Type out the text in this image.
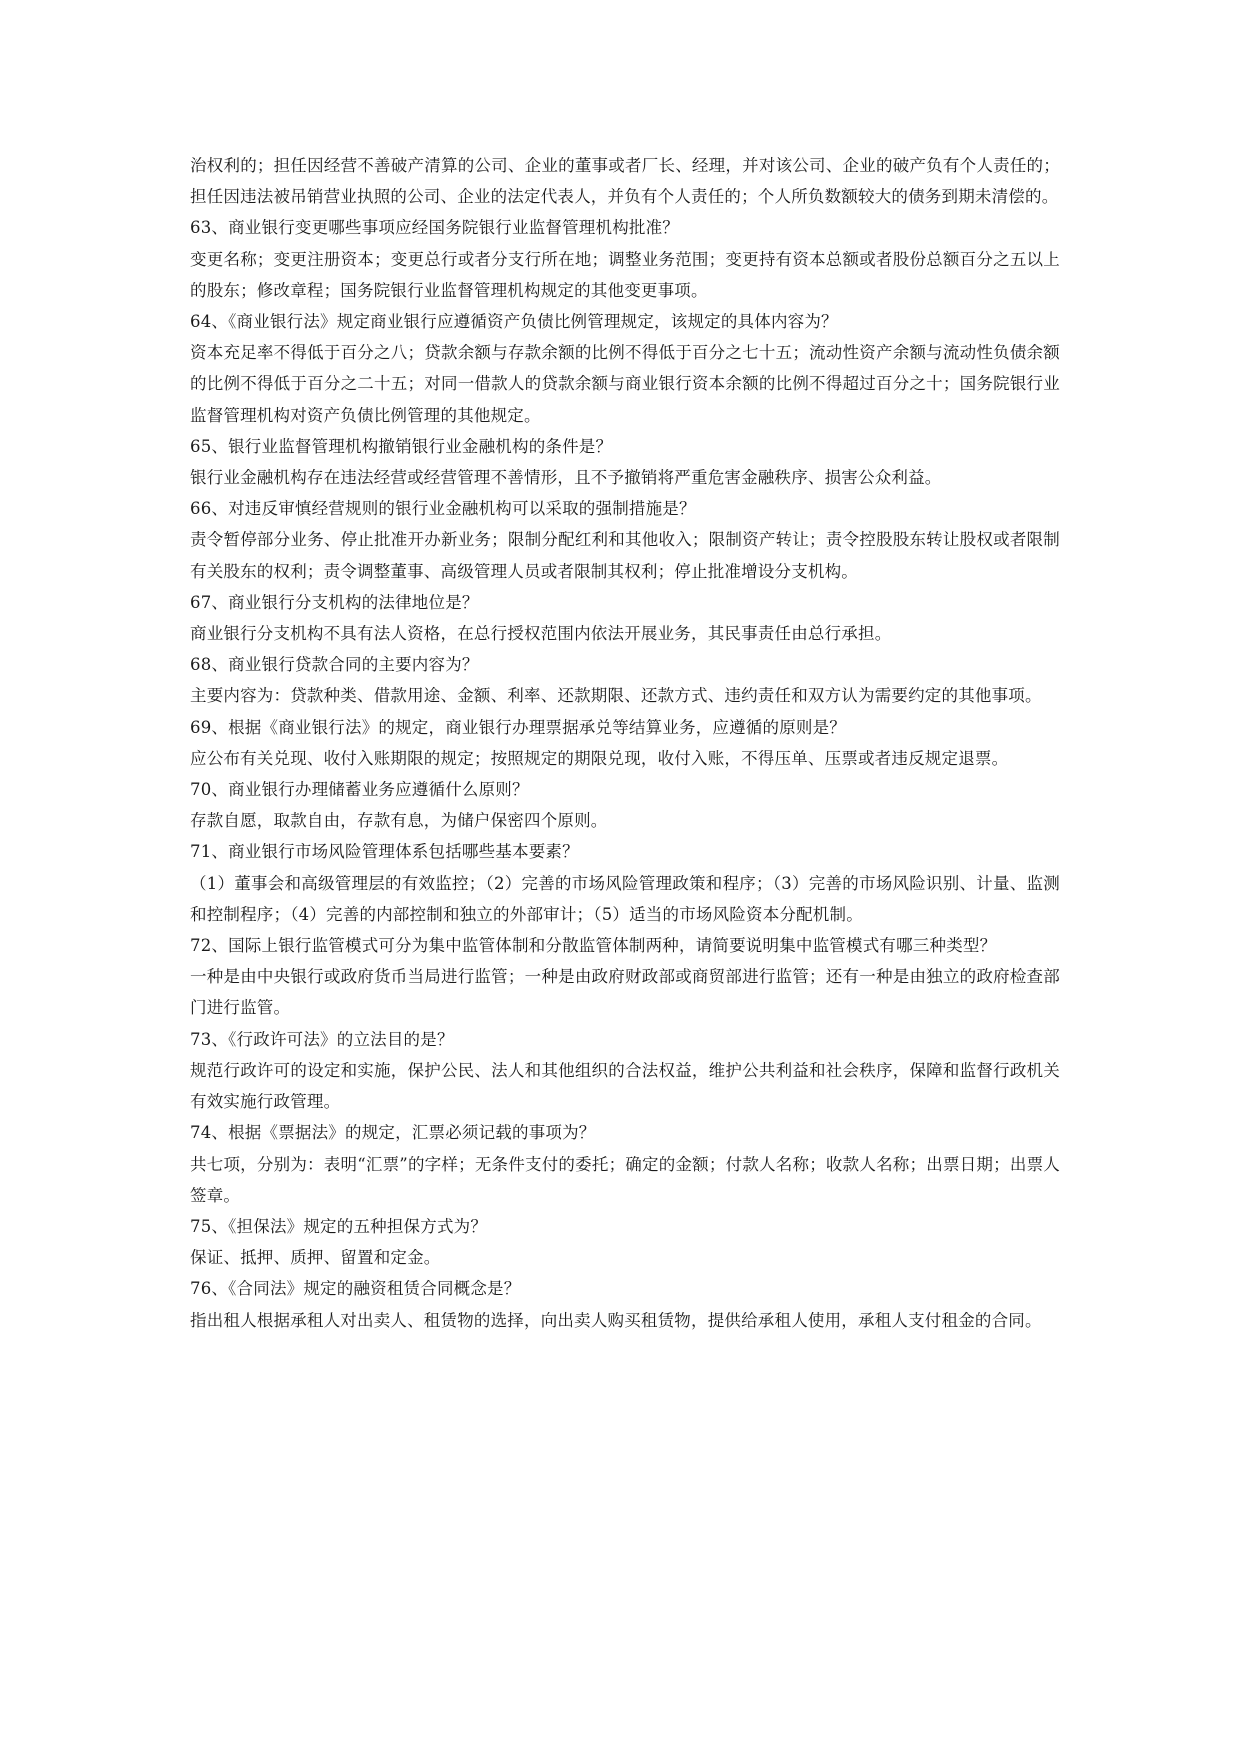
治权利的；担任因经营不善破产清算的公司、企业的董事或者厂长、经理，并对该公司、企业的破产负有个人责任的；担任因违法被吊销营业执照的公司、企业的法定代表人，并负有个人责任的；个人所负数额较大的债务到期未清偿的。

63、商业银行变更哪些事项应经国务院银行业监督管理机构批准？

变更名称；变更注册资本；变更总行或者分支行所在地；调整业务范围；变更持有资本总额或者股份总额百分之五以上的股东；修改章程；国务院银行业监督管理机构规定的其他变更事项。

64、《商业银行法》规定商业银行应遵循资产负债比例管理规定，该规定的具体内容为？

资本充足率不得低于百分之八；贷款余额与存款余额的比例不得低于百分之七十五；流动性资产余额与流动性负债余额的比例不得低于百分之二十五；对同一借款人的贷款余额与商业银行资本余额的比例不得超过百分之十；国务院银行业监督管理机构对资产负债比例管理的其他规定。

65、银行业监督管理机构撤销银行业金融机构的条件是？

银行业金融机构存在违法经营或经营管理不善情形，且不予撤销将严重危害金融秩序、损害公众利益。

66、对违反审慎经营规则的银行业金融机构可以采取的强制措施是？

责令暂停部分业务、停止批准开办新业务；限制分配红利和其他收入；限制资产转让；责令控股股东转让股权或者限制有关股东的权利；责令调整董事、高级管理人员或者限制其权利；停止批准增设分支机构。

67、商业银行分支机构的法律地位是？

商业银行分支机构不具有法人资格，在总行授权范围内依法开展业务，其民事责任由总行承担。

68、商业银行贷款合同的主要内容为？

主要内容为：贷款种类、借款用途、金额、利率、还款期限、还款方式、违约责任和双方认为需要约定的其他事项。

69、根据《商业银行法》的规定，商业银行办理票据承兑等结算业务，应遵循的原则是？

应公布有关兑现、收付入账期限的规定；按照规定的期限兑现，收付入账，不得压单、压票或者违反规定退票。

70、商业银行办理储蓄业务应遵循什么原则？

存款自愿，取款自由，存款有息，为储户保密四个原则。

71、商业银行市场风险管理体系包括哪些基本要素？

（1）董事会和高级管理层的有效监控；（2）完善的市场风险管理政策和程序；（3）完善的市场风险识别、计量、监测和控制程序；（4）完善的内部控制和独立的外部审计；（5）适当的市场风险资本分配机制。

72、国际上银行监管模式可分为集中监管体制和分散监管体制两种，请简要说明集中监管模式有哪三种类型？

一种是由中央银行或政府货币当局进行监管；一种是由政府财政部或商贸部进行监管；还有一种是由独立的政府检查部门进行监管。

73、《行政许可法》的立法目的是？

规范行政许可的设定和实施，保护公民、法人和其他组织的合法权益，维护公共利益和社会秩序，保障和监督行政机关有效实施行政管理。

74、根据《票据法》的规定，汇票必须记载的事项为？

共七项，分别为：表明“汇票”的字样；无条件支付的委托；确定的金额；付款人名称；收款人名称；出票日期；出票人签章。

75、《担保法》规定的五种担保方式为？

保证、抵押、质押、留置和定金。

76、《合同法》规定的融资租赁合同概念是？

指出租人根据承租人对出卖人、租赁物的选择，向出卖人购买租赁物，提供给承租人使用，承租人支付租金的合同。
